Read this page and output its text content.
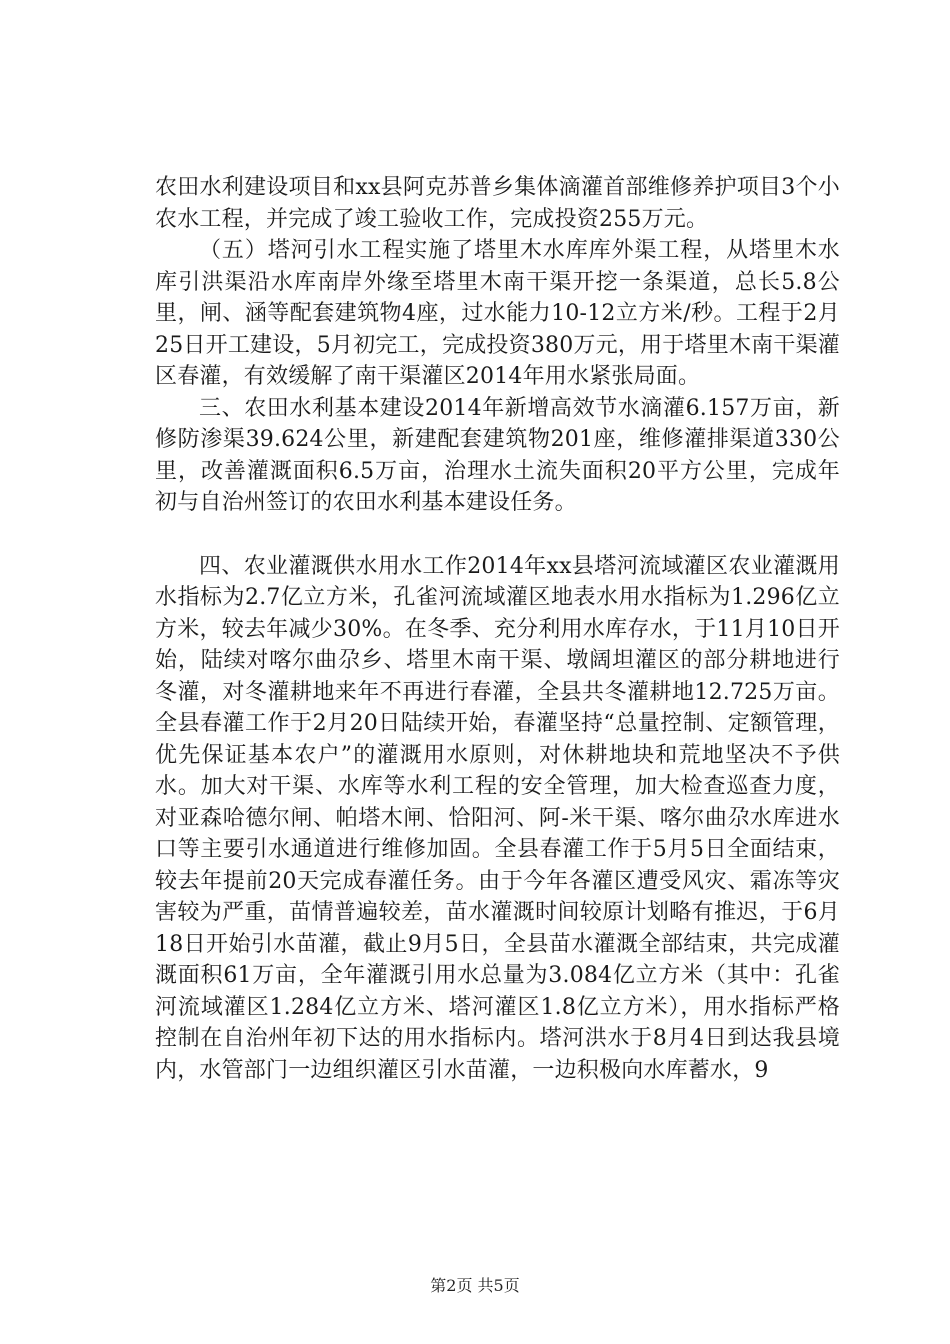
农田水利建设项目和xx县阿克苏普乡集体滴灌首部维修养护项目3个小农水工程，并完成了竣工验收工作，完成投资255万元。

（五）塔河引水工程实施了塔里木水库库外渠工程，从塔里木水库引洪渠沿水库南岸外缘至塔里木南干渠开挖一条渠道，总长5.8公里，闸、涵等配套建筑物4座，过水能力10-12立方米/秒。工程于2月25日开工建设，5月初完工，完成投资380万元，用于塔里木南干渠灌区春灌，有效缓解了南干渠灌区2014年用水紧张局面。

三、农田水利基本建设2014年新增高效节水滴灌6.157万亩，新修防渗渠39.624公里，新建配套建筑物201座，维修灌排渠道330公里，改善灌溉面积6.5万亩，治理水土流失面积20平方公里，完成年初与自治州签订的农田水利基本建设任务。

四、农业灌溉供水用水工作2014年xx县塔河流域灌区农业灌溉用水指标为2.7亿立方米，孔雀河流域灌区地表水用水指标为1.296亿立方米，较去年减少30%。在冬季、充分利用水库存水，于11月10日开始，陆续对喀尔曲尕乡、塔里木南干渠、墩阔坦灌区的部分耕地进行冬灌，对冬灌耕地来年不再进行春灌，全县共冬灌耕地12.725万亩。全县春灌工作于2月20日陆续开始，春灌坚持“总量控制、定额管理，优先保证基本农户”的灌溉用水原则，对休耕地块和荒地坚决不予供水。加大对干渠、水库等水利工程的安全管理，加大检查巡查力度，对亚森哈德尔闸、帕塔木闸、恰阳河、阿-米干渠、喀尔曲尕水库进水口等主要引水通道进行维修加固。全县春灌工作于5月5日全面结束，较去年提前20天完成春灌任务。由于今年各灌区遭受风灾、霜冻等灾害较为严重，苗情普遍较差，苗水灌溉时间较原计划略有推迟，于6月18日开始引水苗灌，截止9月5日，全县苗水灌溉全部结束，共完成灌溉面积61万亩，全年灌溉引用水总量为3.084亿立方米（其中：孔雀河流域灌区1.284亿立方米、塔河灌区1.8亿立方米），用水指标严格控制在自治州年初下达的用水指标内。塔河洪水于8月4日到达我县境内，水管部门一边组织灌区引水苗灌，一边积极向水库蓄水，9

第2页 共5页
